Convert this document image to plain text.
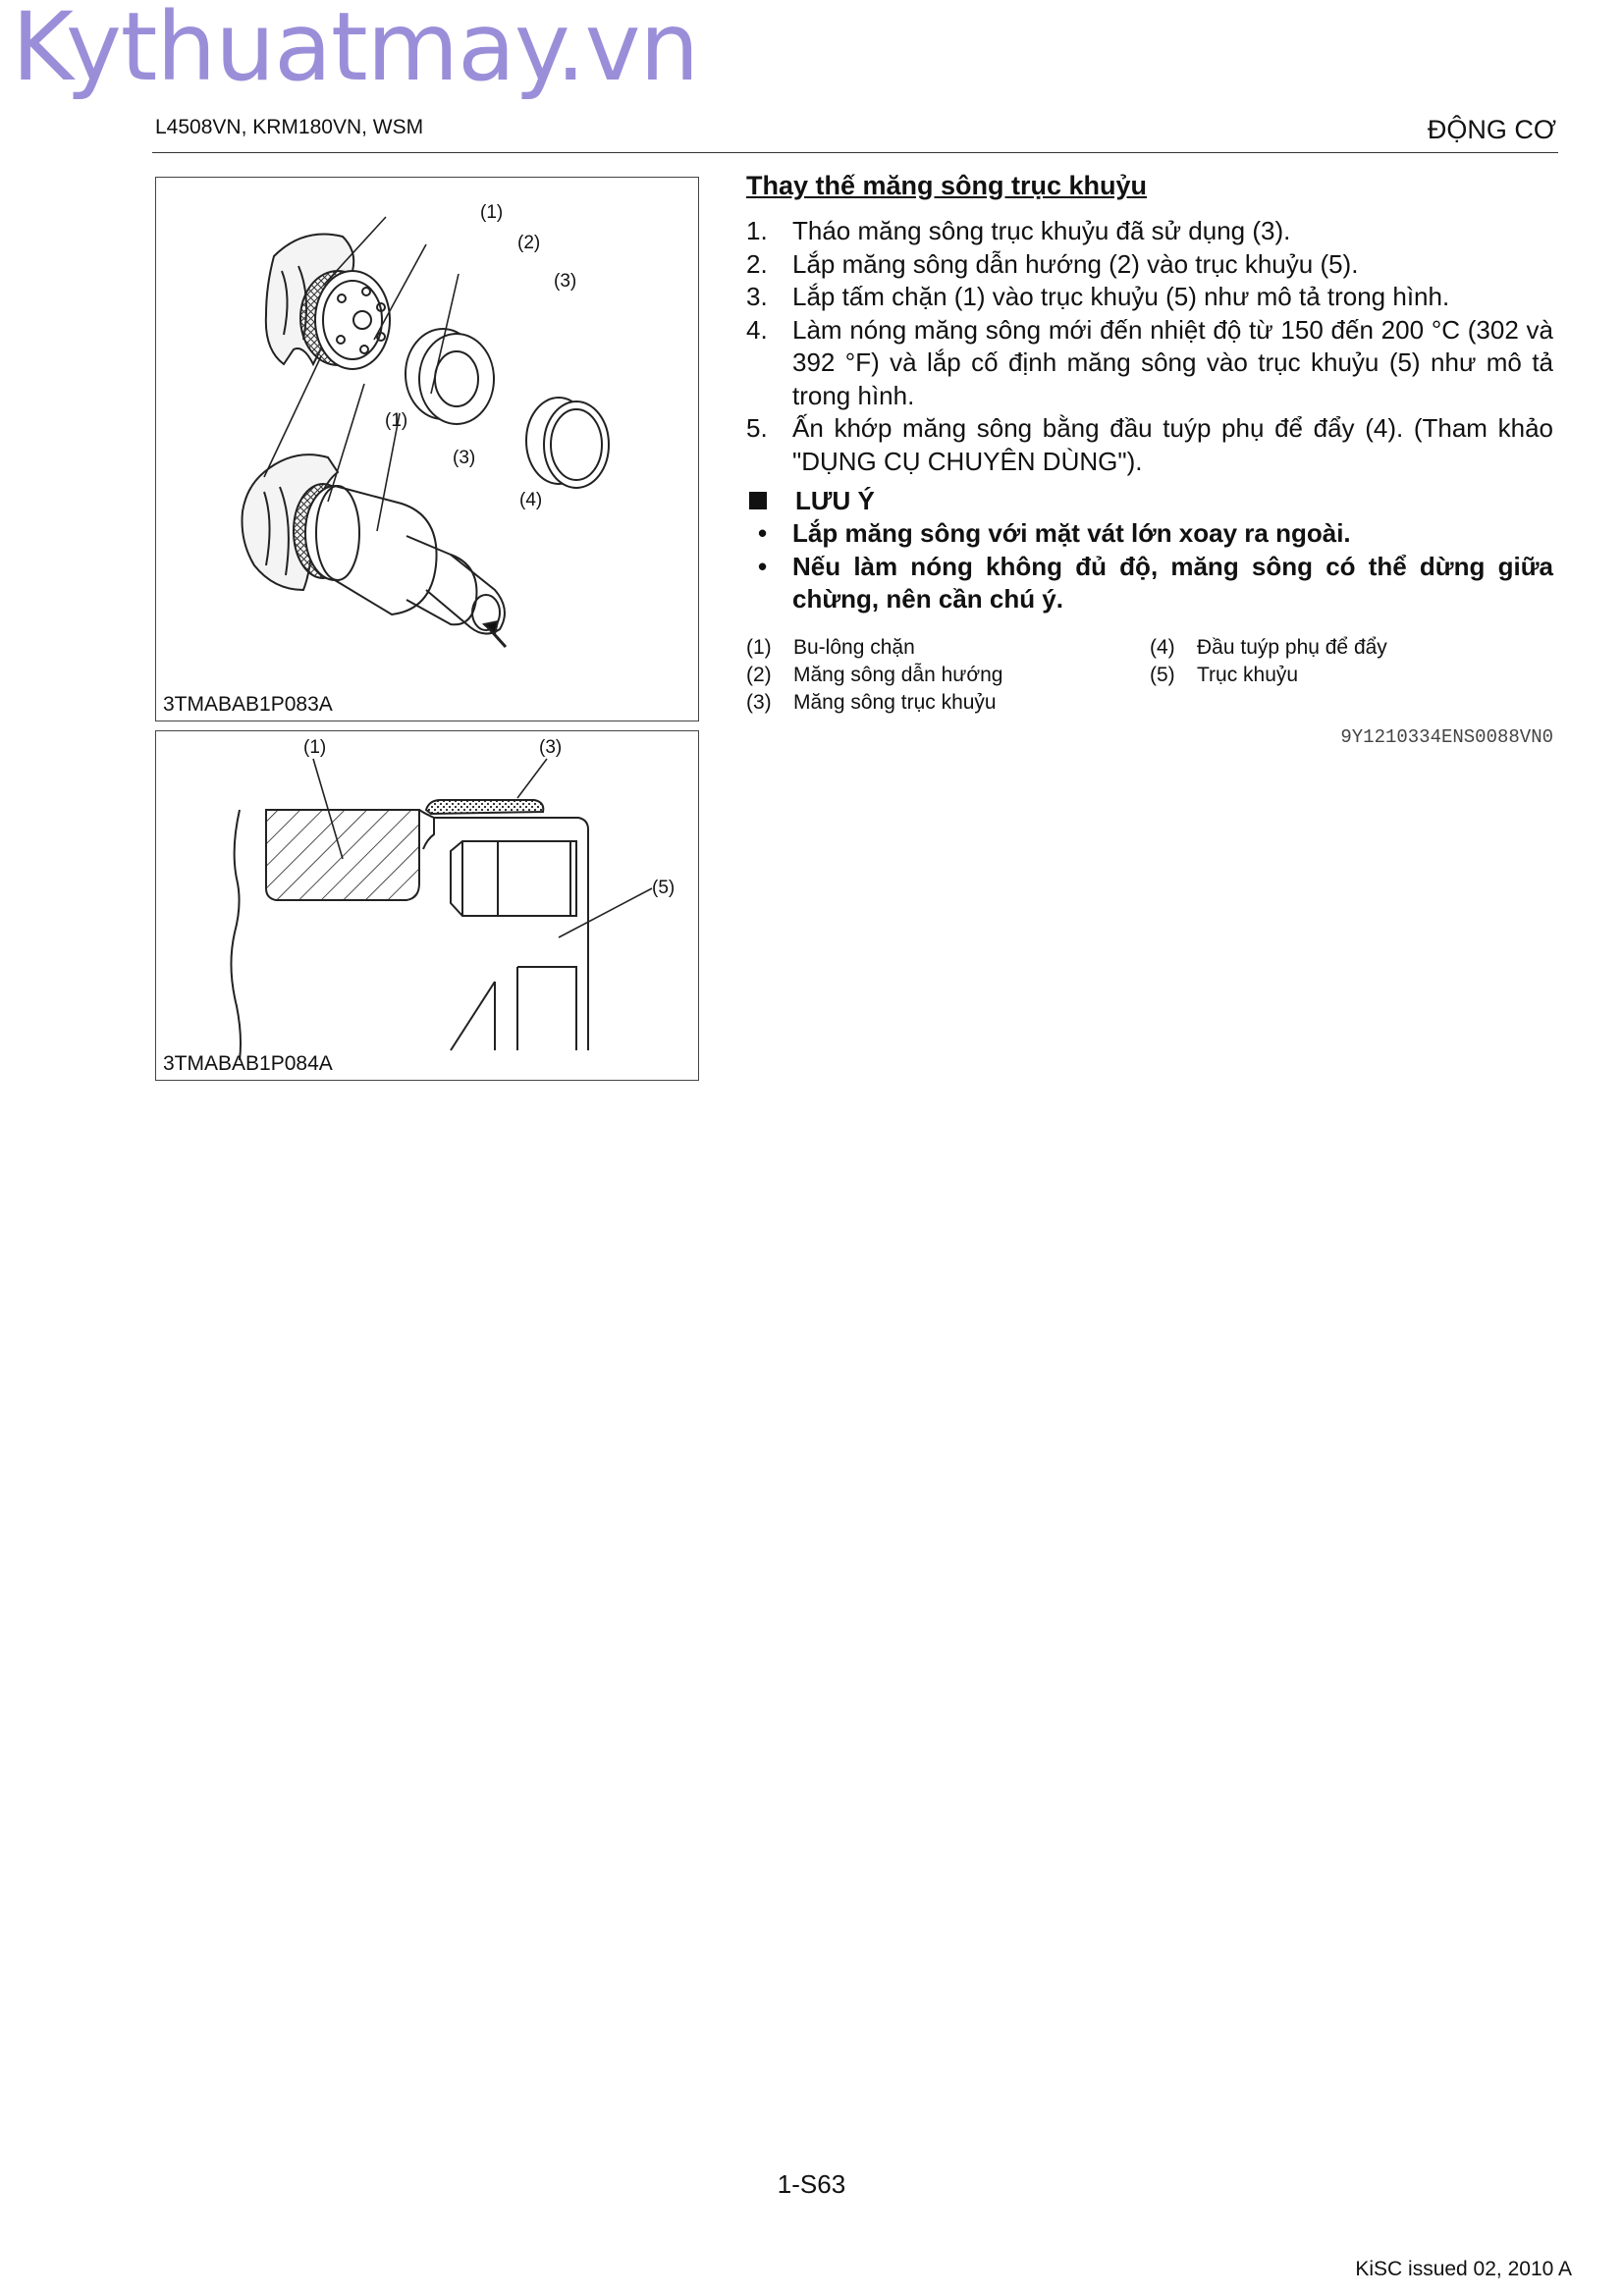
Kythuatmay.vn
L4508VN, KRM180VN, WSM	ĐỘNG CƠ
(1)
(2)
(3)
(1)
(3)
(4)
3TMABAB1P083A
(1)	(3)
(5)
3TMABAB1P084A
Thay thế măng sông trục khuỷu
1. Tháo măng sông trục khuỷu đã sử dụng (3).
2. Lắp măng sông dẫn hướng (2) vào trục khuỷu (5).
3. Lắp tấm chặn (1) vào trục khuỷu (5) như mô tả trong hình.
4. Làm nóng măng sông mới đến nhiệt độ từ 150 đến 200 °C (302 và 392 °F) và lắp cố định măng sông vào trục khuỷu (5) như mô tả trong hình.
5. Ấn khớp măng sông bằng đầu tuýp phụ để đẩy (4). (Tham khảo "DỤNG CỤ CHUYÊN DÙNG").
LƯU Ý
• Lắp măng sông với mặt vát lớn xoay ra ngoài.
• Nếu làm nóng không đủ độ, măng sông có thể dừng giữa chừng, nên cần chú ý.
(1)	Bu-lông chặn	(4)	Đầu tuýp phụ để đẩy
(2)	Măng sông dẫn hướng	(5)	Trục khuỷu
(3)	Măng sông trục khuỷu
9Y1210334ENS0088VN0
1-S63
KiSC issued 02, 2010 A
